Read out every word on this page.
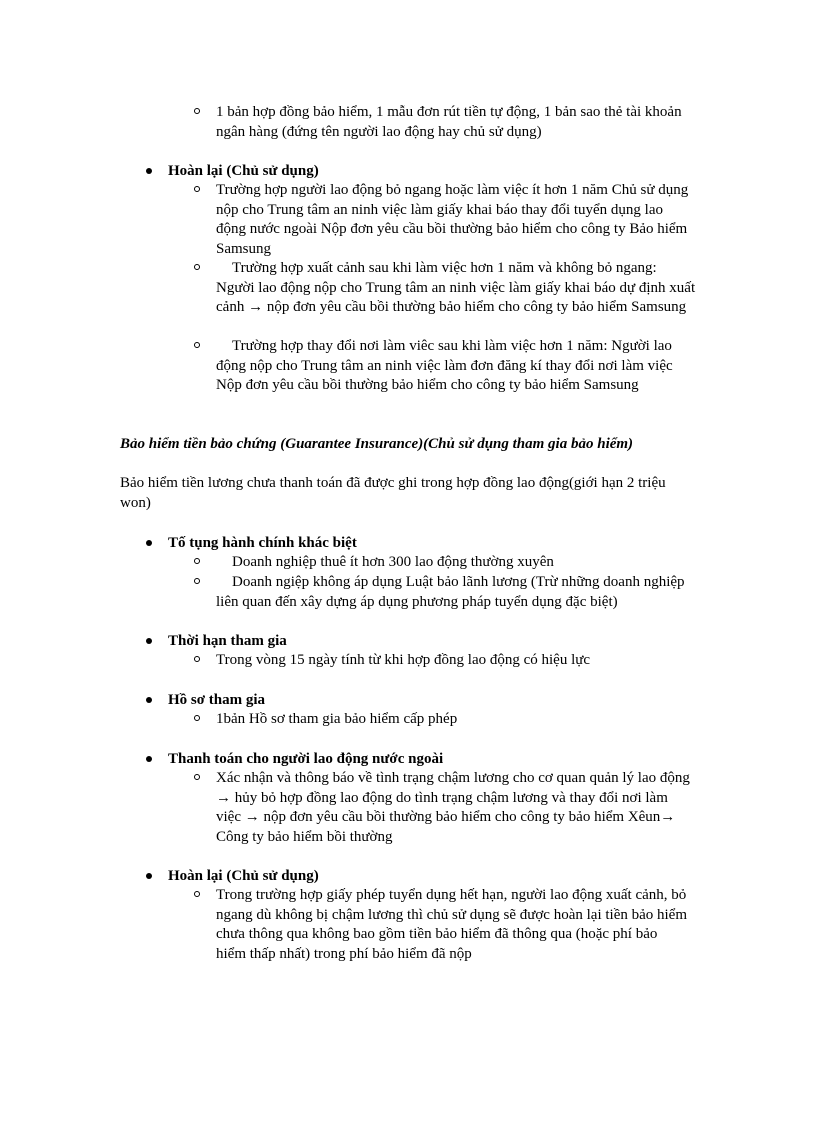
1 bản hợp đồng bảo hiểm, 1 mẫu đơn rút tiền tự động, 1 bản sao thẻ tài khoản ngân hàng (đứng tên người lao động hay chủ sử dụng)
Hoàn lại (Chủ sử dụng)
Trường hợp người lao động bỏ ngang hoặc làm việc ít hơn 1 năm Chủ sử dụng nộp cho Trung tâm an ninh việc làm giấy khai báo thay đổi tuyển dụng lao động nước ngoài Nộp đơn yêu cầu bồi thường bảo hiểm cho công ty Bảo hiểm Samsung
Trường hợp xuất cảnh sau khi làm việc hơn 1 năm và không bỏ ngang: Người lao động nộp cho Trung tâm an ninh việc làm giấy khai báo dự định xuất cảnh → nộp đơn yêu cầu bồi thường bảo hiểm cho công ty bảo hiểm Samsung
Trường hợp thay đổi nơi làm viêc sau khi làm việc hơn 1 năm: Người lao động nộp cho Trung tâm an ninh việc làm đơn đăng kí thay đổi nơi làm việc Nộp đơn yêu cầu bồi thường bảo hiểm cho công ty bảo hiểm Samsung
Bảo hiểm tiền bảo chứng (Guarantee Insurance)(Chủ sử dụng tham gia bảo hiểm)
Bảo hiểm tiền lương chưa thanh toán đã được ghi trong hợp đồng lao động(giới hạn 2 triệu won)
Tố tụng hành chính khác biệt
Doanh nghiệp thuê ít hơn 300 lao động thường xuyên
Doanh ngiệp không áp dụng Luật bảo lãnh lương (Trừ những doanh nghiệp liên quan đến xây dựng áp dụng phương pháp tuyển dụng đặc biệt)
Thời hạn tham gia
Trong vòng 15 ngày tính từ khi hợp đồng lao động có hiệu lực
Hồ sơ tham gia
1bản Hồ sơ tham gia bảo hiểm cấp phép
Thanh toán cho người lao động nước ngoài
Xác nhận và thông báo về tình trạng chậm lương cho cơ quan quản lý lao động → hủy bỏ hợp đồng lao động do tình trạng chậm lương và thay đổi nơi làm việc → nộp đơn yêu cầu bồi thường bảo hiểm cho công ty bảo hiểm Xêun→ Công ty bảo hiểm bồi thường
Hoàn lại (Chủ sử dụng)
Trong trường hợp giấy phép tuyển dụng hết hạn, người lao động xuất cảnh, bỏ ngang dù không bị chậm lương thì chủ sử dụng sẽ được hoàn lại tiền bảo hiểm chưa thông qua không bao gồm tiền bảo hiểm đã thông qua (hoặc phí bảo hiểm thấp nhất) trong phí bảo hiểm đã nộp
